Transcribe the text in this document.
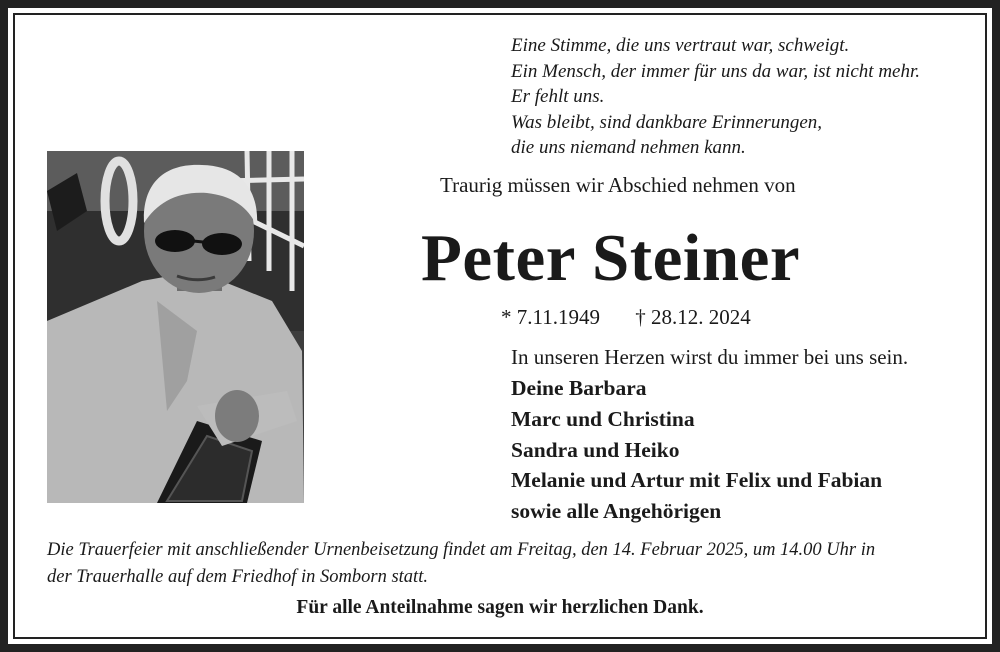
Eine Stimme, die uns vertraut war, schweigt.
Ein Mensch, der immer für uns da war, ist nicht mehr.
Er fehlt uns.
Was bleibt, sind dankbare Erinnerungen,
die uns niemand nehmen kann.
Traurig müssen wir Abschied nehmen von
Peter Steiner
* 7.11.1949 † 28.12. 2024
In unseren Herzen wirst du immer bei uns sein.
Deine Barbara
Marc und Christina
Sandra und Heiko
Melanie und Artur mit Felix und Fabian
sowie alle Angehörigen
Die Trauerfeier mit anschließender Urnenbeisetzung findet am Freitag, den 14. Februar 2025, um 14.00 Uhr in
der Trauerhalle auf dem Friedhof in Somborn statt.
Für alle Anteilnahme sagen wir herzlichen Dank.
